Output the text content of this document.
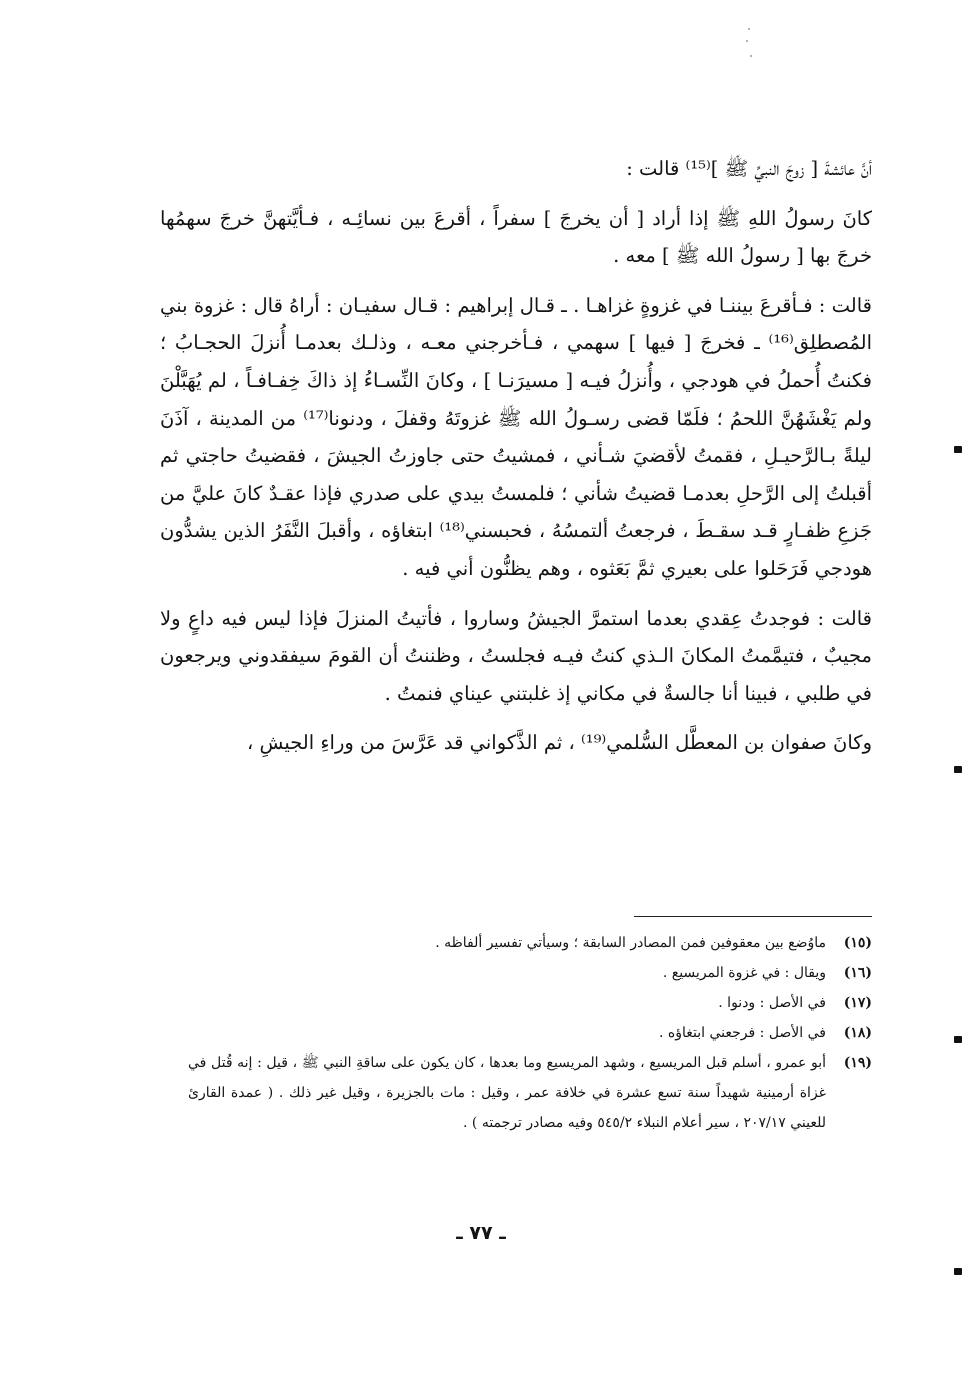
أنَّ عائشةَ [ زوجَ النبيِّ ﷺ ]⁽¹⁵⁾ قالت :

كانَ رسولُ اللهِ ﷺ إذا أراد [ أن يخرجَ ] سفراً ، أقرعَ بين نسائِـه ، فـأيَّتهنَّ خرجَ سهمُها خرجَ بها [ رسولُ الله ﷺ ] معه .

قالت : فـأقرعَ بيننـا في غزوةٍ غزاهـا . ـ قـال إبراهيم : قـال سفيـان : أراهُ قال : غزوة بني المُصطلِق⁽¹⁶⁾ ـ فخرجَ [ فيها ] سهمي ، فـأخرجني معـه ، وذلـك بعدمـا أُنزلَ الحجـابُ ؛ فكنتُ أُحملُ في هودجي ، وأُنزلُ فيـه [ مسيرَنـا ] ، وكانَ النِّسـاءُ إذ ذاكَ خِفـافـاً ، لم يُهَبَّلْنَ ولم يَغْشَهُنَّ اللحمُ ؛ فلَمّا قضى رسـولُ الله ﷺ غزوتَهُ وقفلَ ، ودنونا⁽¹⁷⁾ من المدينة ، آذَنَ ليلةً بـالرَّحيـلِ ، فقمتُ لأقضيَ شـأني ، فمشيتُ حتى جاوزتُ الجيشَ ، فقضيتُ حاجتي ثم أقبلتُ إلى الرَّحلِ بعدمـا قضيتُ شأني ؛ فلمستُ بيدي على صدري فإذا عقـدٌ كانَ عليَّ من جَزعِ ظفـارٍ قـد سقـطَ ، فرجعتُ ألتمسُهُ ، فحبسني⁽¹⁸⁾ ابتغاؤه ، وأقبلَ النَّفَرُ الذين يشدُّون هودجي فَرَحَلوا على بعيري ثمَّ بَعَثوه ، وهم يظنُّون أني فيه .

قالت : فوجدتُ عِقدي بعدما استمرَّ الجيشُ وساروا ، فأتيتُ المنزلَ فإذا ليس فيه داعٍ ولا مجيبٌ ، فتيمَّمتُ المكانَ الـذي كنتُ فيـه فجلستُ ، وظننتُ أن القومَ سيفقدوني ويرجعون في طلبي ، فبينا أنا جالسةٌ في مكاني إذ غلبتني عيناي فنمتُ .

وكانَ صفوان بن المعطَّل السُّلمي⁽¹⁹⁾ ، ثم الذَّكواني قد عَرَّسَ من وراءِ الجيشِ ،

(١٥)
ماوُضع بين معقوفين فمن المصادر السابقة ؛ وسيأتي تفسير ألفاظه .
(١٦)
ويقال : في غزوة المريسيع .
(١٧)
في الأصل : ودنوا .
(١٨)
في الأصل : فرجعني ابتغاؤه .
(١٩)
أبو عمرو ، أسلم قبل المريسيع ، وشهد المريسيع وما بعدها ، كان يكون على ساقةِ النبي ﷺ ، قيل : إنه قُتل في غزاة أرمينية شهيداً سنة تسع عشرة في خلافة عمر ، وقيل : مات بالجزيرة ، وقيل غير ذلك . ( عمدة القارئ للعيني ٢٠٧/١٧ ، سير أعلام النبلاء ٥٤٥/٢ وفيه مصادر ترجمته ) .
ـ ٧٧ ـ
